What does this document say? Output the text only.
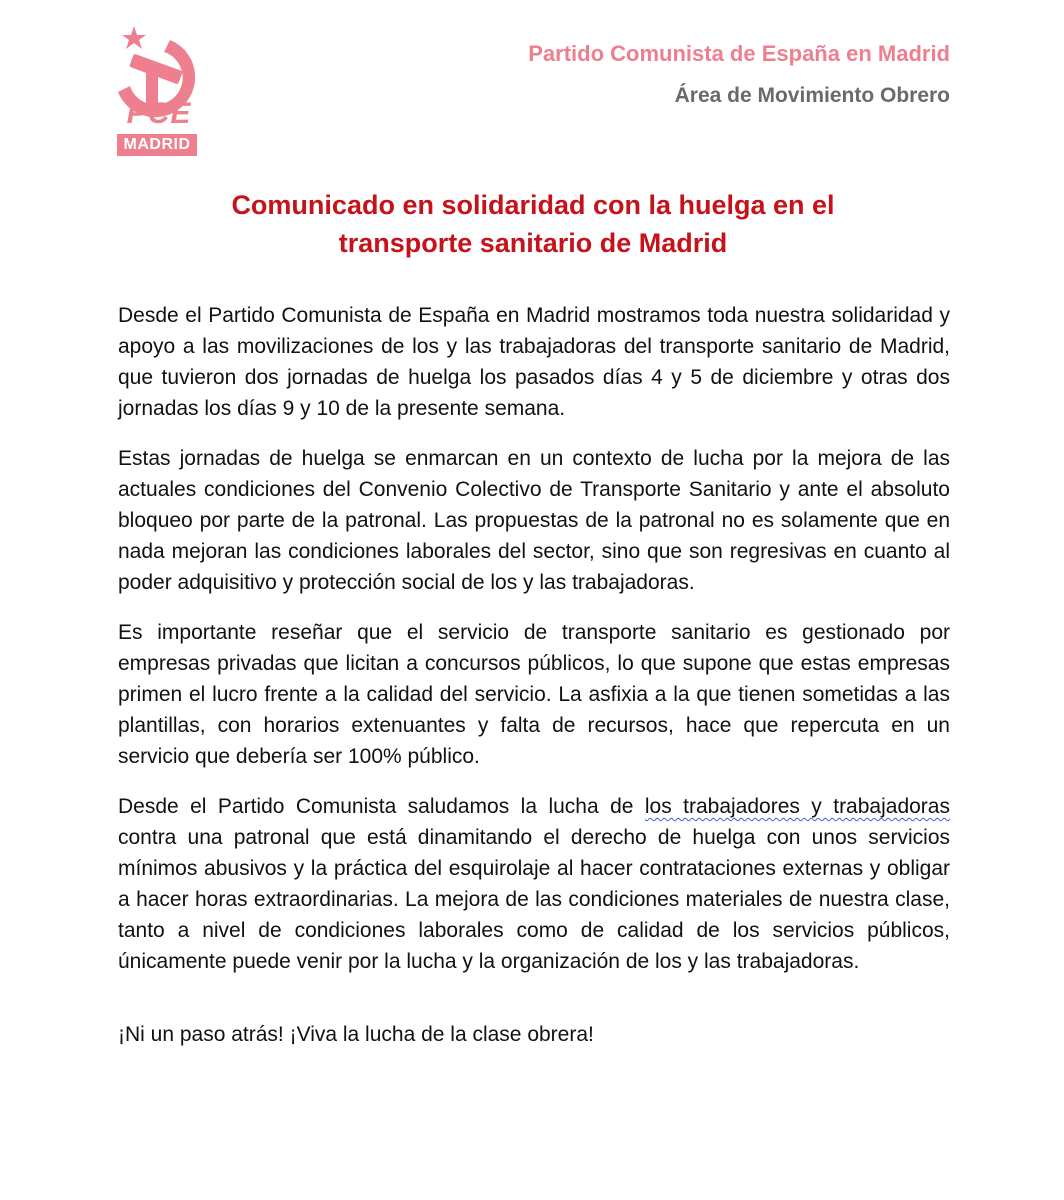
PCE
MADRID
Partido Comunista de España en Madrid
Área de Movimiento Obrero
Comunicado en solidaridad con la huelga en el
transporte sanitario de Madrid

Desde el Partido Comunista de España en Madrid mostramos toda nuestra solidaridad y apoyo a las movilizaciones de los y las trabajadoras del transporte sanitario de Madrid, que tuvieron dos jornadas de huelga los pasados días 4 y 5 de diciembre y otras dos jornadas los días 9 y 10 de la presente semana.

Estas jornadas de huelga se enmarcan en un contexto de lucha por la mejora de las actuales condiciones del Convenio Colectivo de Transporte Sanitario y ante el absoluto bloqueo por parte de la patronal. Las propuestas de la patronal no es solamente que en nada mejoran las condiciones laborales del sector, sino que son regresivas en cuanto al poder adquisitivo y protección social de los y las trabajadoras.

Es importante reseñar que el servicio de transporte sanitario es gestionado por empresas privadas que licitan a concursos públicos, lo que supone que estas empresas primen el lucro frente a la calidad del servicio. La asfixia a la que tienen sometidas a las plantillas, con horarios extenuantes y falta de recursos, hace que repercuta en un servicio que debería ser 100% público.

Desde el Partido Comunista saludamos la lucha de los trabajadores y trabajadoras contra una patronal que está dinamitando el derecho de huelga con unos servicios mínimos abusivos y la práctica del esquirolaje al hacer contrataciones externas y obligar a hacer horas extraordinarias. La mejora de las condiciones materiales de nuestra clase, tanto a nivel de condiciones laborales como de calidad de los servicios públicos, únicamente puede venir por la lucha y la organización de los y las trabajadoras.

¡Ni un paso atrás! ¡Viva la lucha de la clase obrera!
